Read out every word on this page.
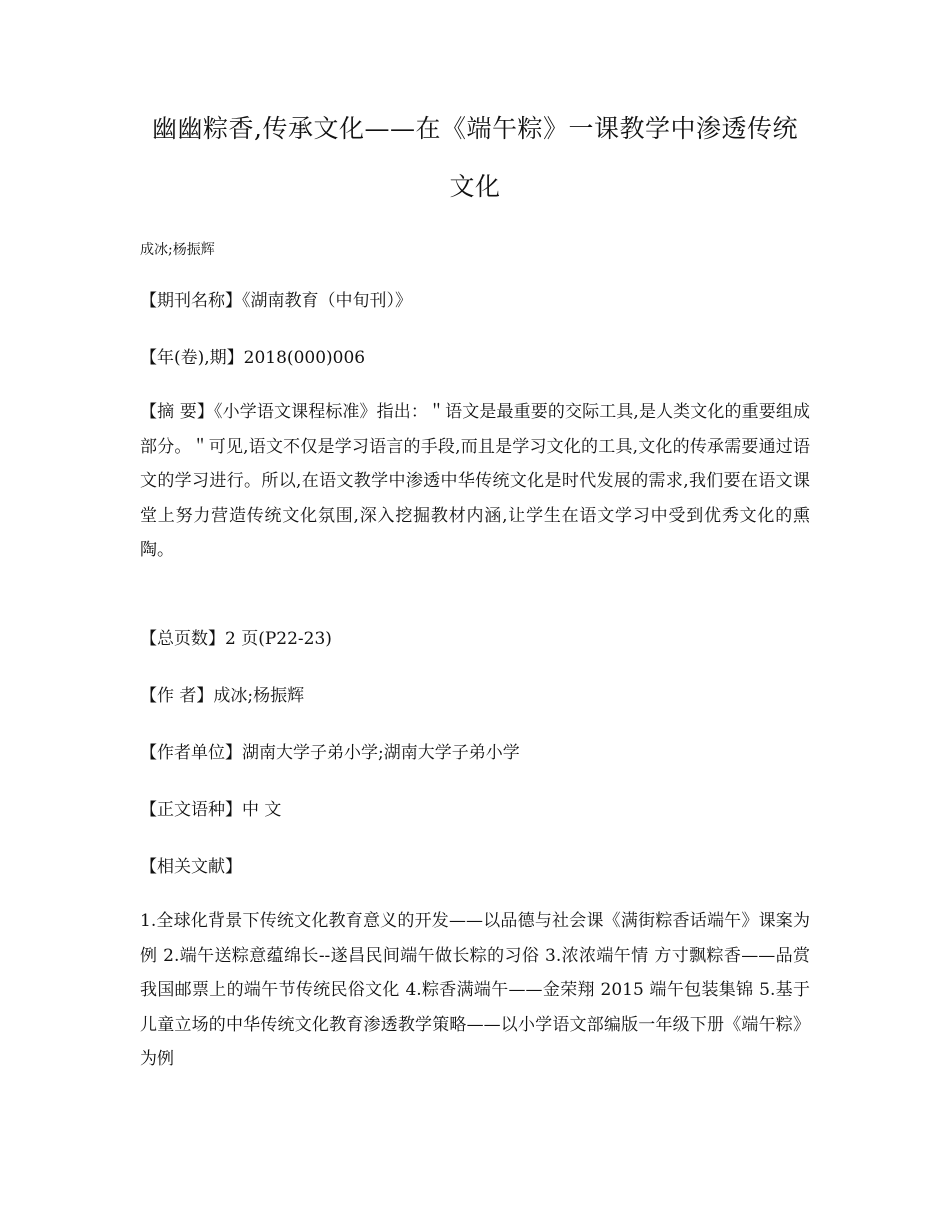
幽幽粽香,传承文化——在《端午粽》一课教学中渗透传统文化
成冰;杨振辉
【期刊名称】《湖南教育（中旬刊）》
【年(卷),期】2018(000)006
【摘 要】《小学语文课程标准》指出：＂语文是最重要的交际工具,是人类文化的重要组成部分。＂可见,语文不仅是学习语言的手段,而且是学习文化的工具,文化的传承需要通过语文的学习进行。所以,在语文教学中渗透中华传统文化是时代发展的需求,我们要在语文课堂上努力营造传统文化氛围,深入挖掘教材内涵,让学生在语文学习中受到优秀文化的熏陶。
【总页数】2 页(P22-23)
【作 者】成冰;杨振辉
【作者单位】湖南大学子弟小学;湖南大学子弟小学
【正文语种】中 文
【相关文献】
1.全球化背景下传统文化教育意义的开发——以品德与社会课《满街粽香话端午》课案为例 2.端午送粽意蕴绵长--遂昌民间端午做长粽的习俗 3.浓浓端午情 方寸飘粽香——品赏我国邮票上的端午节传统民俗文化 4.粽香满端午——金荣翔 2015 端午包装集锦 5.基于儿童立场的中华传统文化教育渗透教学策略——以小学语文部编版一年级下册《端午粽》为例
